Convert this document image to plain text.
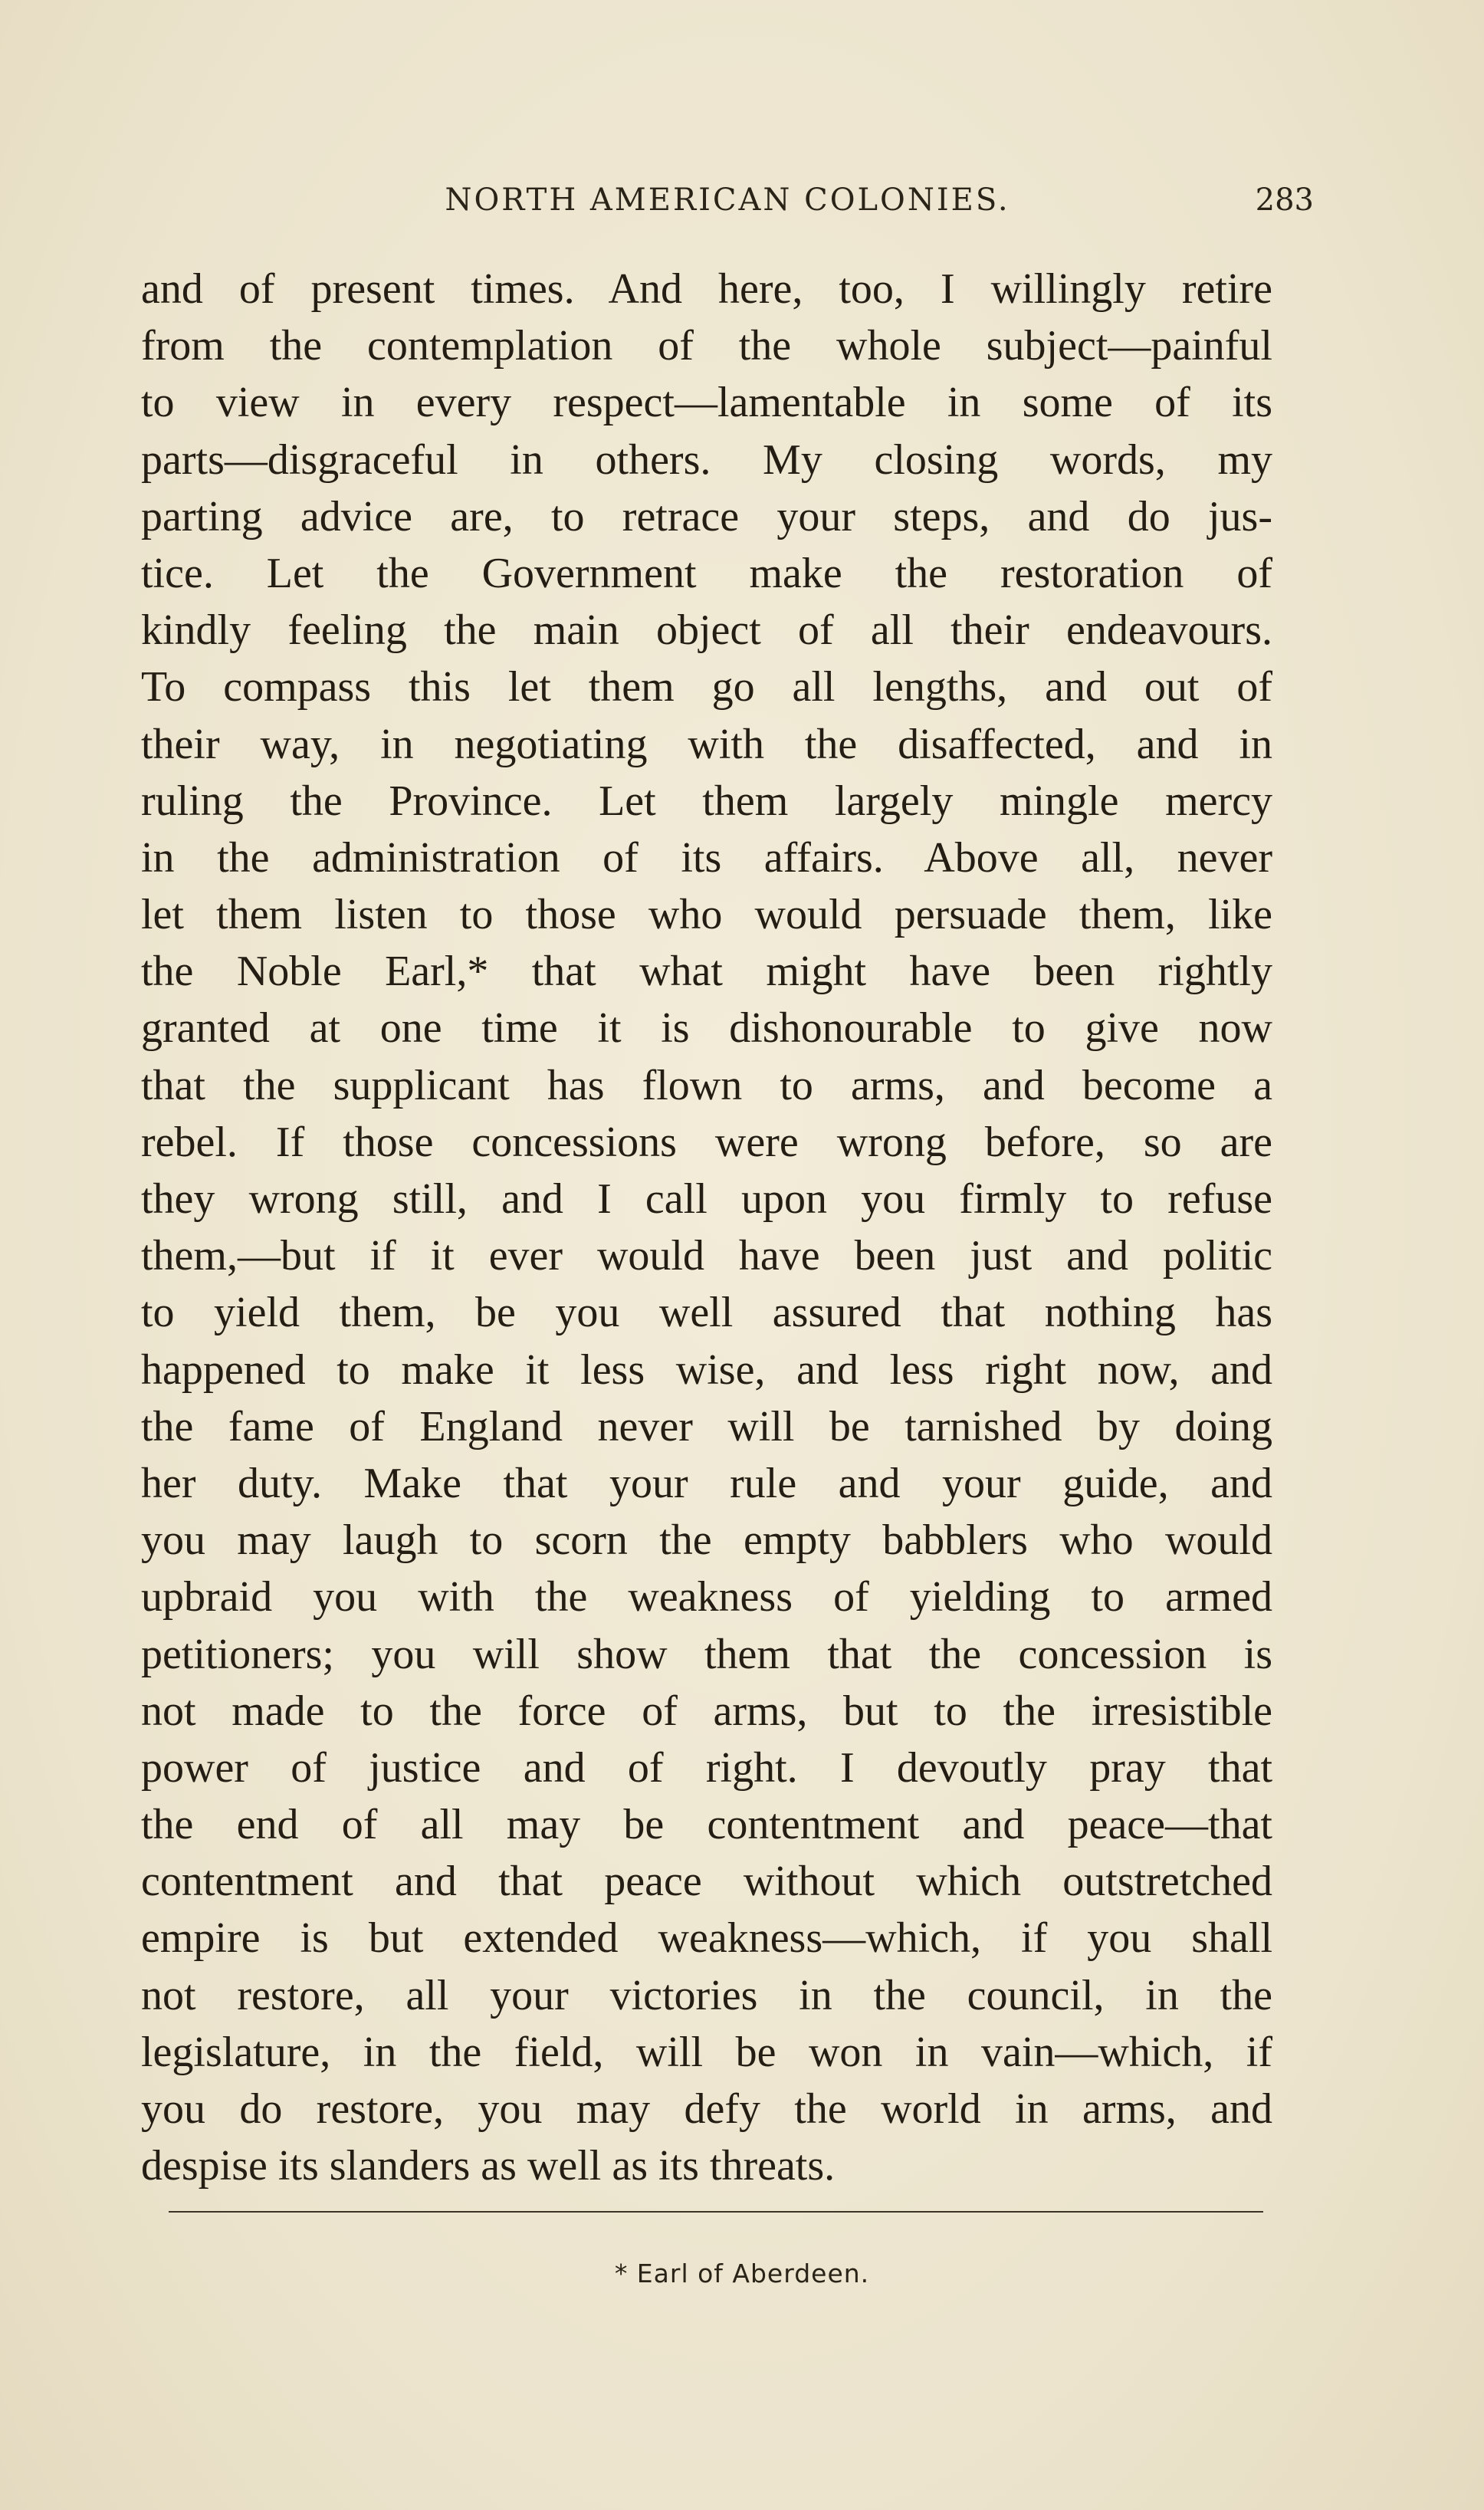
NORTH AMERICAN COLONIES.	283
and of present times. And here, too, I willingly retire
from the contemplation of the whole subject—painful
to view in every respect—lamentable in some of its
parts—disgraceful in others. My closing words, my
parting advice are, to retrace your steps, and do jus-
tice. Let the Government make the restoration of
kindly feeling the main object of all their endeavours.
To compass this let them go all lengths, and out of
their way, in negotiating with the disaffected, and in
ruling the Province. Let them largely mingle mercy
in the administration of its affairs. Above all, never
let them listen to those who would persuade them, like
the Noble Earl,* that what might have been rightly
granted at one time it is dishonourable to give now
that the supplicant has flown to arms, and become a
rebel. If those concessions were wrong before, so are
they wrong still, and I call upon you firmly to refuse
them,—but if it ever would have been just and politic
to yield them, be you well assured that nothing has
happened to make it less wise, and less right now, and
the fame of England never will be tarnished by doing
her duty. Make that your rule and your guide, and
you may laugh to scorn the empty babblers who would
upbraid you with the weakness of yielding to armed
petitioners; you will show them that the concession is
not made to the force of arms, but to the irresistible
power of justice and of right. I devoutly pray that
the end of all may be contentment and peace—that
contentment and that peace without which outstretched
empire is but extended weakness—which, if you shall
not restore, all your victories in the council, in the
legislature, in the field, will be won in vain—which, if
you do restore, you may defy the world in arms, and
despise its slanders as well as its threats.
* Earl of Aberdeen.
